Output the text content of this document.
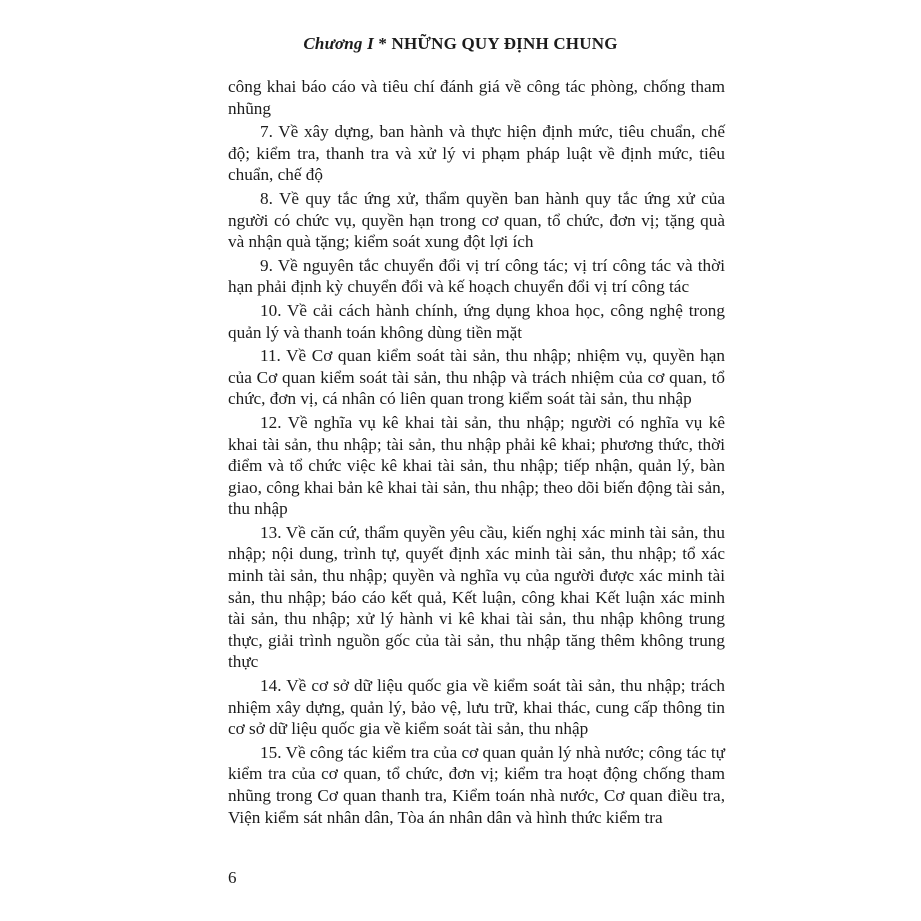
Chương I * NHỮNG QUY ĐỊNH CHUNG

công khai báo cáo và tiêu chí đánh giá về công tác phòng, chống tham nhũng

7. Về xây dựng, ban hành và thực hiện định mức, tiêu chuẩn, chế độ; kiểm tra, thanh tra và xử lý vi phạm pháp luật về định mức, tiêu chuẩn, chế độ

8. Về quy tắc ứng xử, thẩm quyền ban hành quy tắc ứng xử của người có chức vụ, quyền hạn trong cơ quan, tổ chức, đơn vị; tặng quà và nhận quà tặng; kiểm soát xung đột lợi ích

9. Về nguyên tắc chuyển đổi vị trí công tác; vị trí công tác và thời hạn phải định kỳ chuyển đổi và kế hoạch chuyển đổi vị trí công tác

10. Về cải cách hành chính, ứng dụng khoa học, công nghệ trong quản lý và thanh toán không dùng tiền mặt

11. Về Cơ quan kiểm soát tài sản, thu nhập; nhiệm vụ, quyền hạn của Cơ quan kiểm soát tài sản, thu nhập và trách nhiệm của cơ quan, tổ chức, đơn vị, cá nhân có liên quan trong kiểm soát tài sản, thu nhập

12. Về nghĩa vụ kê khai tài sản, thu nhập; người có nghĩa vụ kê khai tài sản, thu nhập; tài sản, thu nhập phải kê khai; phương thức, thời điểm và tổ chức việc kê khai tài sản, thu nhập; tiếp nhận, quản lý, bàn giao, công khai bản kê khai tài sản, thu nhập; theo dõi biến động tài sản, thu nhập

13. Về căn cứ, thẩm quyền yêu cầu, kiến nghị xác minh tài sản, thu nhập; nội dung, trình tự, quyết định xác minh tài sản, thu nhập; tổ xác minh tài sản, thu nhập; quyền và nghĩa vụ của người được xác minh tài sản, thu nhập; báo cáo kết quả, Kết luận, công khai Kết luận xác minh tài sản, thu nhập; xử lý hành vi kê khai tài sản, thu nhập không trung thực, giải trình nguồn gốc của tài sản, thu nhập tăng thêm không trung thực

14. Về cơ sở dữ liệu quốc gia về kiểm soát tài sản, thu nhập; trách nhiệm xây dựng, quản lý, bảo vệ, lưu trữ, khai thác, cung cấp thông tin cơ sở dữ liệu quốc gia về kiểm soát tài sản, thu nhập

15. Về công tác kiểm tra của cơ quan quản lý nhà nước; công tác tự kiểm tra của cơ quan, tổ chức, đơn vị; kiểm tra hoạt động chống tham nhũng trong Cơ quan thanh tra, Kiểm toán nhà nước, Cơ quan điều tra, Viện kiểm sát nhân dân, Tòa án nhân dân và hình thức kiểm tra

6
